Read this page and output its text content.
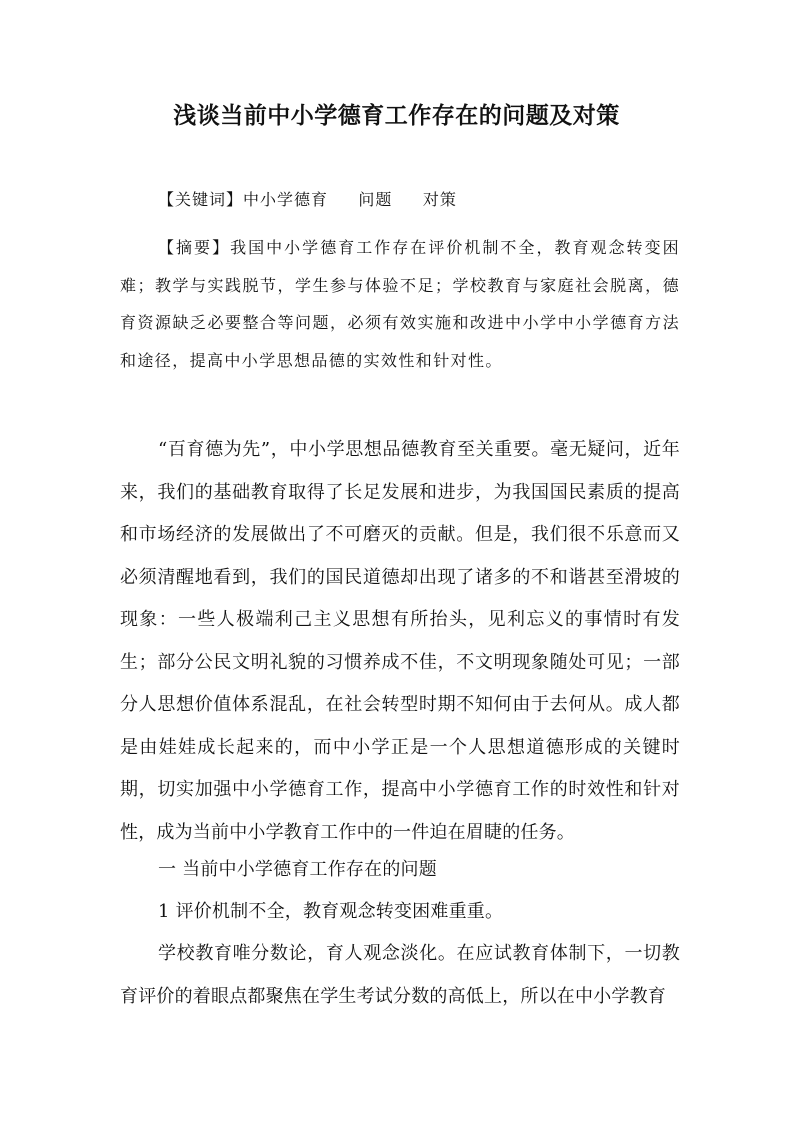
浅谈当前中小学德育工作存在的问题及对策
【关键词】中小学德育     问题     对策
【摘要】我国中小学德育工作存在评价机制不全，教育观念转变困难；教学与实践脱节，学生参与体验不足；学校教育与家庭社会脱离，德育资源缺乏必要整合等问题，必须有效实施和改进中小学中小学德育方法和途径，提高中小学思想品德的实效性和针对性。
“百育德为先”，中小学思想品德教育至关重要。毫无疑问，近年来，我们的基础教育取得了长足发展和进步，为我国国民素质的提高和市场经济的发展做出了不可磨灭的贡献。但是，我们很不乐意而又必须清醒地看到，我们的国民道德却出现了诸多的不和谐甚至滑坡的现象：一些人极端利己主义思想有所抬头，见利忘义的事情时有发生；部分公民文明礼貌的习惯养成不佳，不文明现象随处可见；一部分人思想价值体系混乱，在社会转型时期不知何由于去何从。成人都是由娃娃成长起来的，而中小学正是一个人思想道德形成的关键时期，切实加强中小学德育工作，提高中小学德育工作的时效性和针对性，成为当前中小学教育工作中的一件迫在眉睫的任务。
一 当前中小学德育工作存在的问题
1 评价机制不全，教育观念转变困难重重。
学校教育唯分数论，育人观念淡化。在应试教育体制下，一切教育评价的着眼点都聚焦在学生考试分数的高低上，所以在中小学教育
